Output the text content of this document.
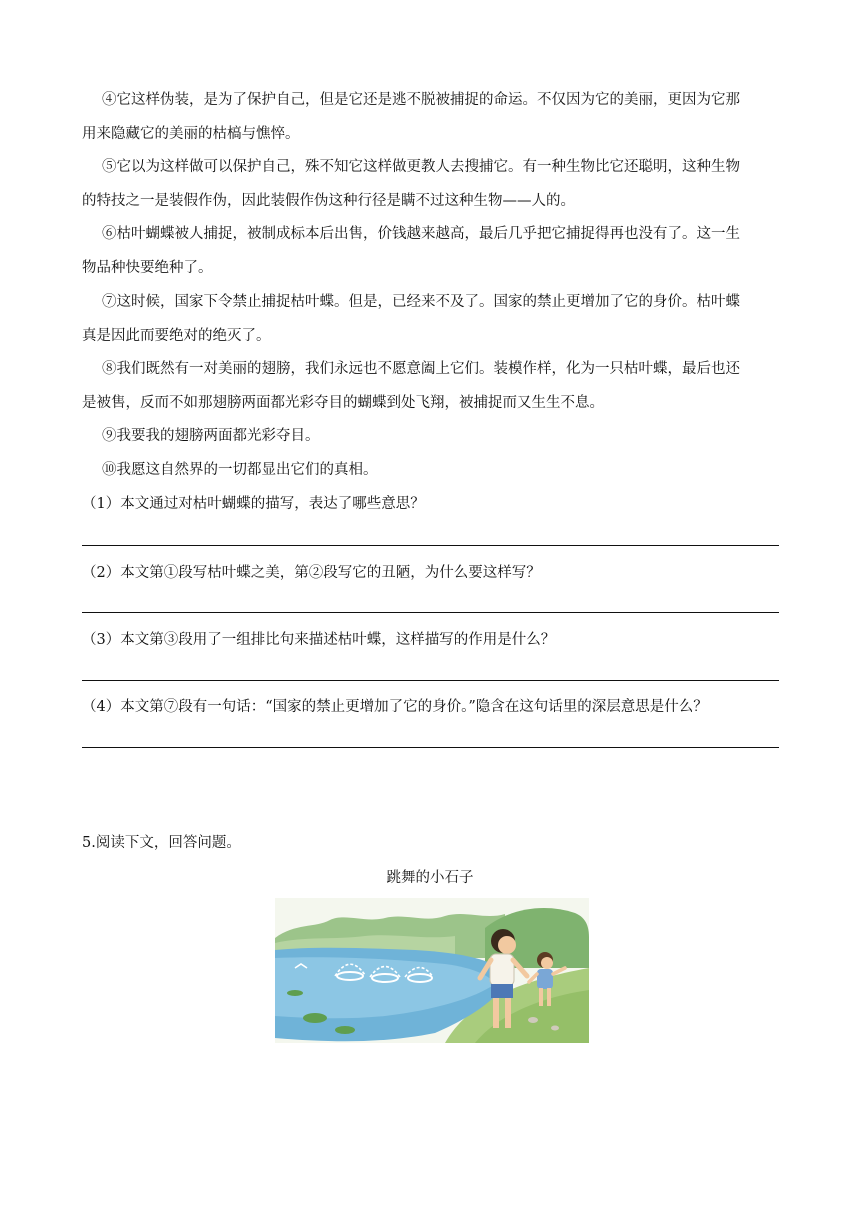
④它这样伪装，是为了保护自己，但是它还是逃不脱被捕捉的命运。不仅因为它的美丽，更因为它那
用来隐藏它的美丽的枯槁与憔悴。

⑤它以为这样做可以保护自己，殊不知它这样做更教人去搜捕它。有一种生物比它还聪明，这种生物
的特技之一是装假作伪，因此装假作伪这种行径是瞒不过这种生物——人的。

⑥枯叶蝴蝶被人捕捉，被制成标本后出售，价钱越来越高，最后几乎把它捕捉得再也没有了。这一生
物品种快要绝种了。

⑦这时候，国家下令禁止捕捉枯叶蝶。但是，已经来不及了。国家的禁止更增加了它的身价。枯叶蝶
真是因此而要绝对的绝灭了。

⑧我们既然有一对美丽的翅膀，我们永远也不愿意阖上它们。装模作样，化为一只枯叶蝶，最后也还
是被售，反而不如那翅膀两面都光彩夺目的蝴蝶到处飞翔，被捕捉而又生生不息。

⑨我要我的翅膀两面都光彩夺目。

⑩我愿这自然界的一切都显出它们的真相。

（1）本文通过对枯叶蝴蝶的描写，表达了哪些意思？

（2）本文第①段写枯叶蝶之美，第②段写它的丑陋，为什么要这样写？

（3）本文第③段用了一组排比句来描述枯叶蝶，这样描写的作用是什么？

（4）本文第⑦段有一句话：“国家的禁止更增加了它的身价。”隐含在这句话里的深层意思是什么？

5.阅读下文，回答问题。

跳舞的小石子
